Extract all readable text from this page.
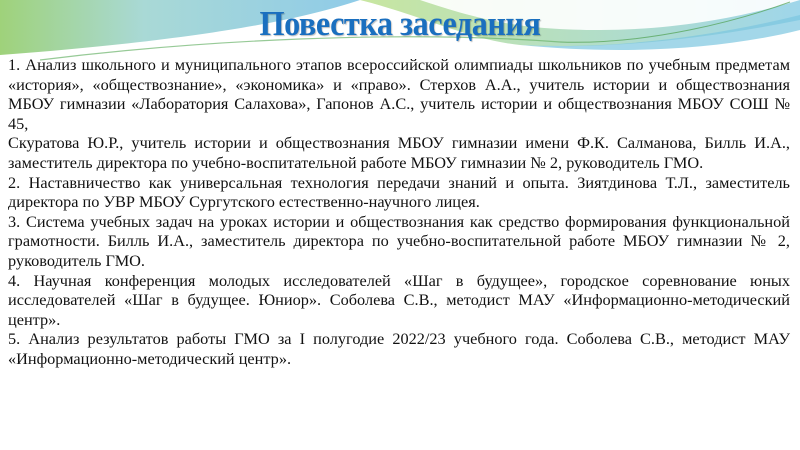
Повестка заседания

1. Анализ школьного и муниципального этапов всероссийской олимпиады школьников по учебным предметам «история», «обществознание», «экономика» и «право». Стерхов А.А., учитель истории и обществознания МБОУ гимназии «Лаборатория Салахова», Гапонов А.С., учитель истории и обществознания МБОУ СОШ № 45,
Скуратова Ю.Р., учитель истории и обществознания МБОУ гимназии имени Ф.К. Салманова, Билль И.А., заместитель директора по учебно-воспитательной работе МБОУ гимназии № 2, руководитель ГМО.

2. Наставничество как универсальная технология передачи знаний и опыта. Зиятдинова Т.Л., заместитель директора по УВР МБОУ Сургутского естественно-научного лицея.

3. Система учебных задач на уроках истории и обществознания как средство формирования функциональной грамотности. Билль И.А., заместитель директора по учебно-воспитательной работе МБОУ гимназии № 2, руководитель ГМО.

4. Научная конференция молодых исследователей «Шаг в будущее», городское соревнование юных исследователей «Шаг в будущее. Юниор». Соболева С.В., методист МАУ «Информационно-методический центр».

5. Анализ результатов работы ГМО за I полугодие 2022/23 учебного года. Соболева С.В., методист МАУ «Информационно-методический центр».
